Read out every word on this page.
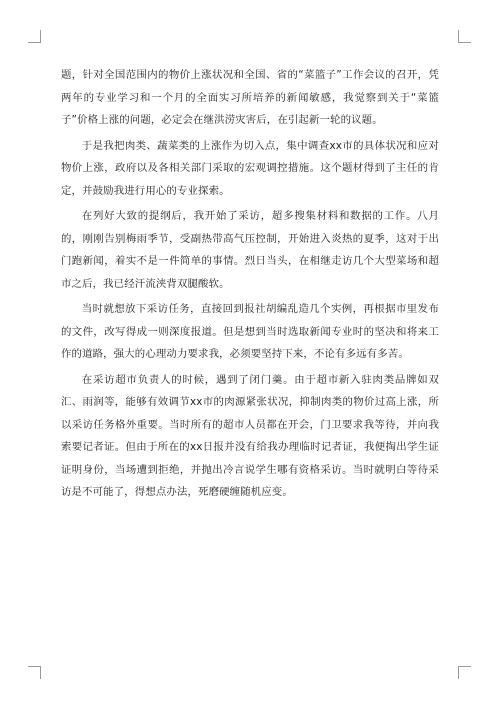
题，针对全国范围内的物价上涨状况和全国、省的“菜篮子”工作会议的召开，凭两年的专业学习和一个月的全面实习所培养的新闻敏感，我觉察到关于“菜篮子”价格上涨的问题，必定会在继洪涝灾害后，在引起新一轮的议题。

于是我把肉类、蔬菜类的上涨作为切入点，集中调查xx市的具体状况和应对物价上涨，政府以及各相关部门采取的宏观调控措施。这个题材得到了主任的肯定，并鼓励我进行用心的专业探索。

在列好大致的提纲后，我开始了采访，超多搜集材料和数据的工作。八月的，刚刚告别梅雨季节，受副热带高气压控制，开始进入炎热的夏季，这对于出门跑新闻，着实不是一件简单的事情。烈日当头，在相继走访几个大型菜场和超市之后，我已经汗流浃背双腿酸软。

当时就想放下采访任务，直接回到报社胡编乱造几个实例，再根据市里发布的文件，改写得成一则深度报道。但是想到当时选取新闻专业时的坚决和将来工作的道路，强大的心理动力要求我，必须要坚持下来，不论有多远有多苦。

在采访超市负责人的时候，遇到了闭门羹。由于超市新入驻肉类品牌如双汇、雨润等，能够有效调节xx市的肉源紧张状况，抑制肉类的物价过高上涨，所以采访任务格外重要。当时所有的超市人员都在开会，门卫要求我等待，并向我索要记者证。但由于所在的xx日报并没有给我办理临时记者证，我便掏出学生证证明身份，当场遭到拒绝，并抛出冷言说学生哪有资格采访。当时就明白等待采访是不可能了，得想点办法，死磨硬缠随机应变。
